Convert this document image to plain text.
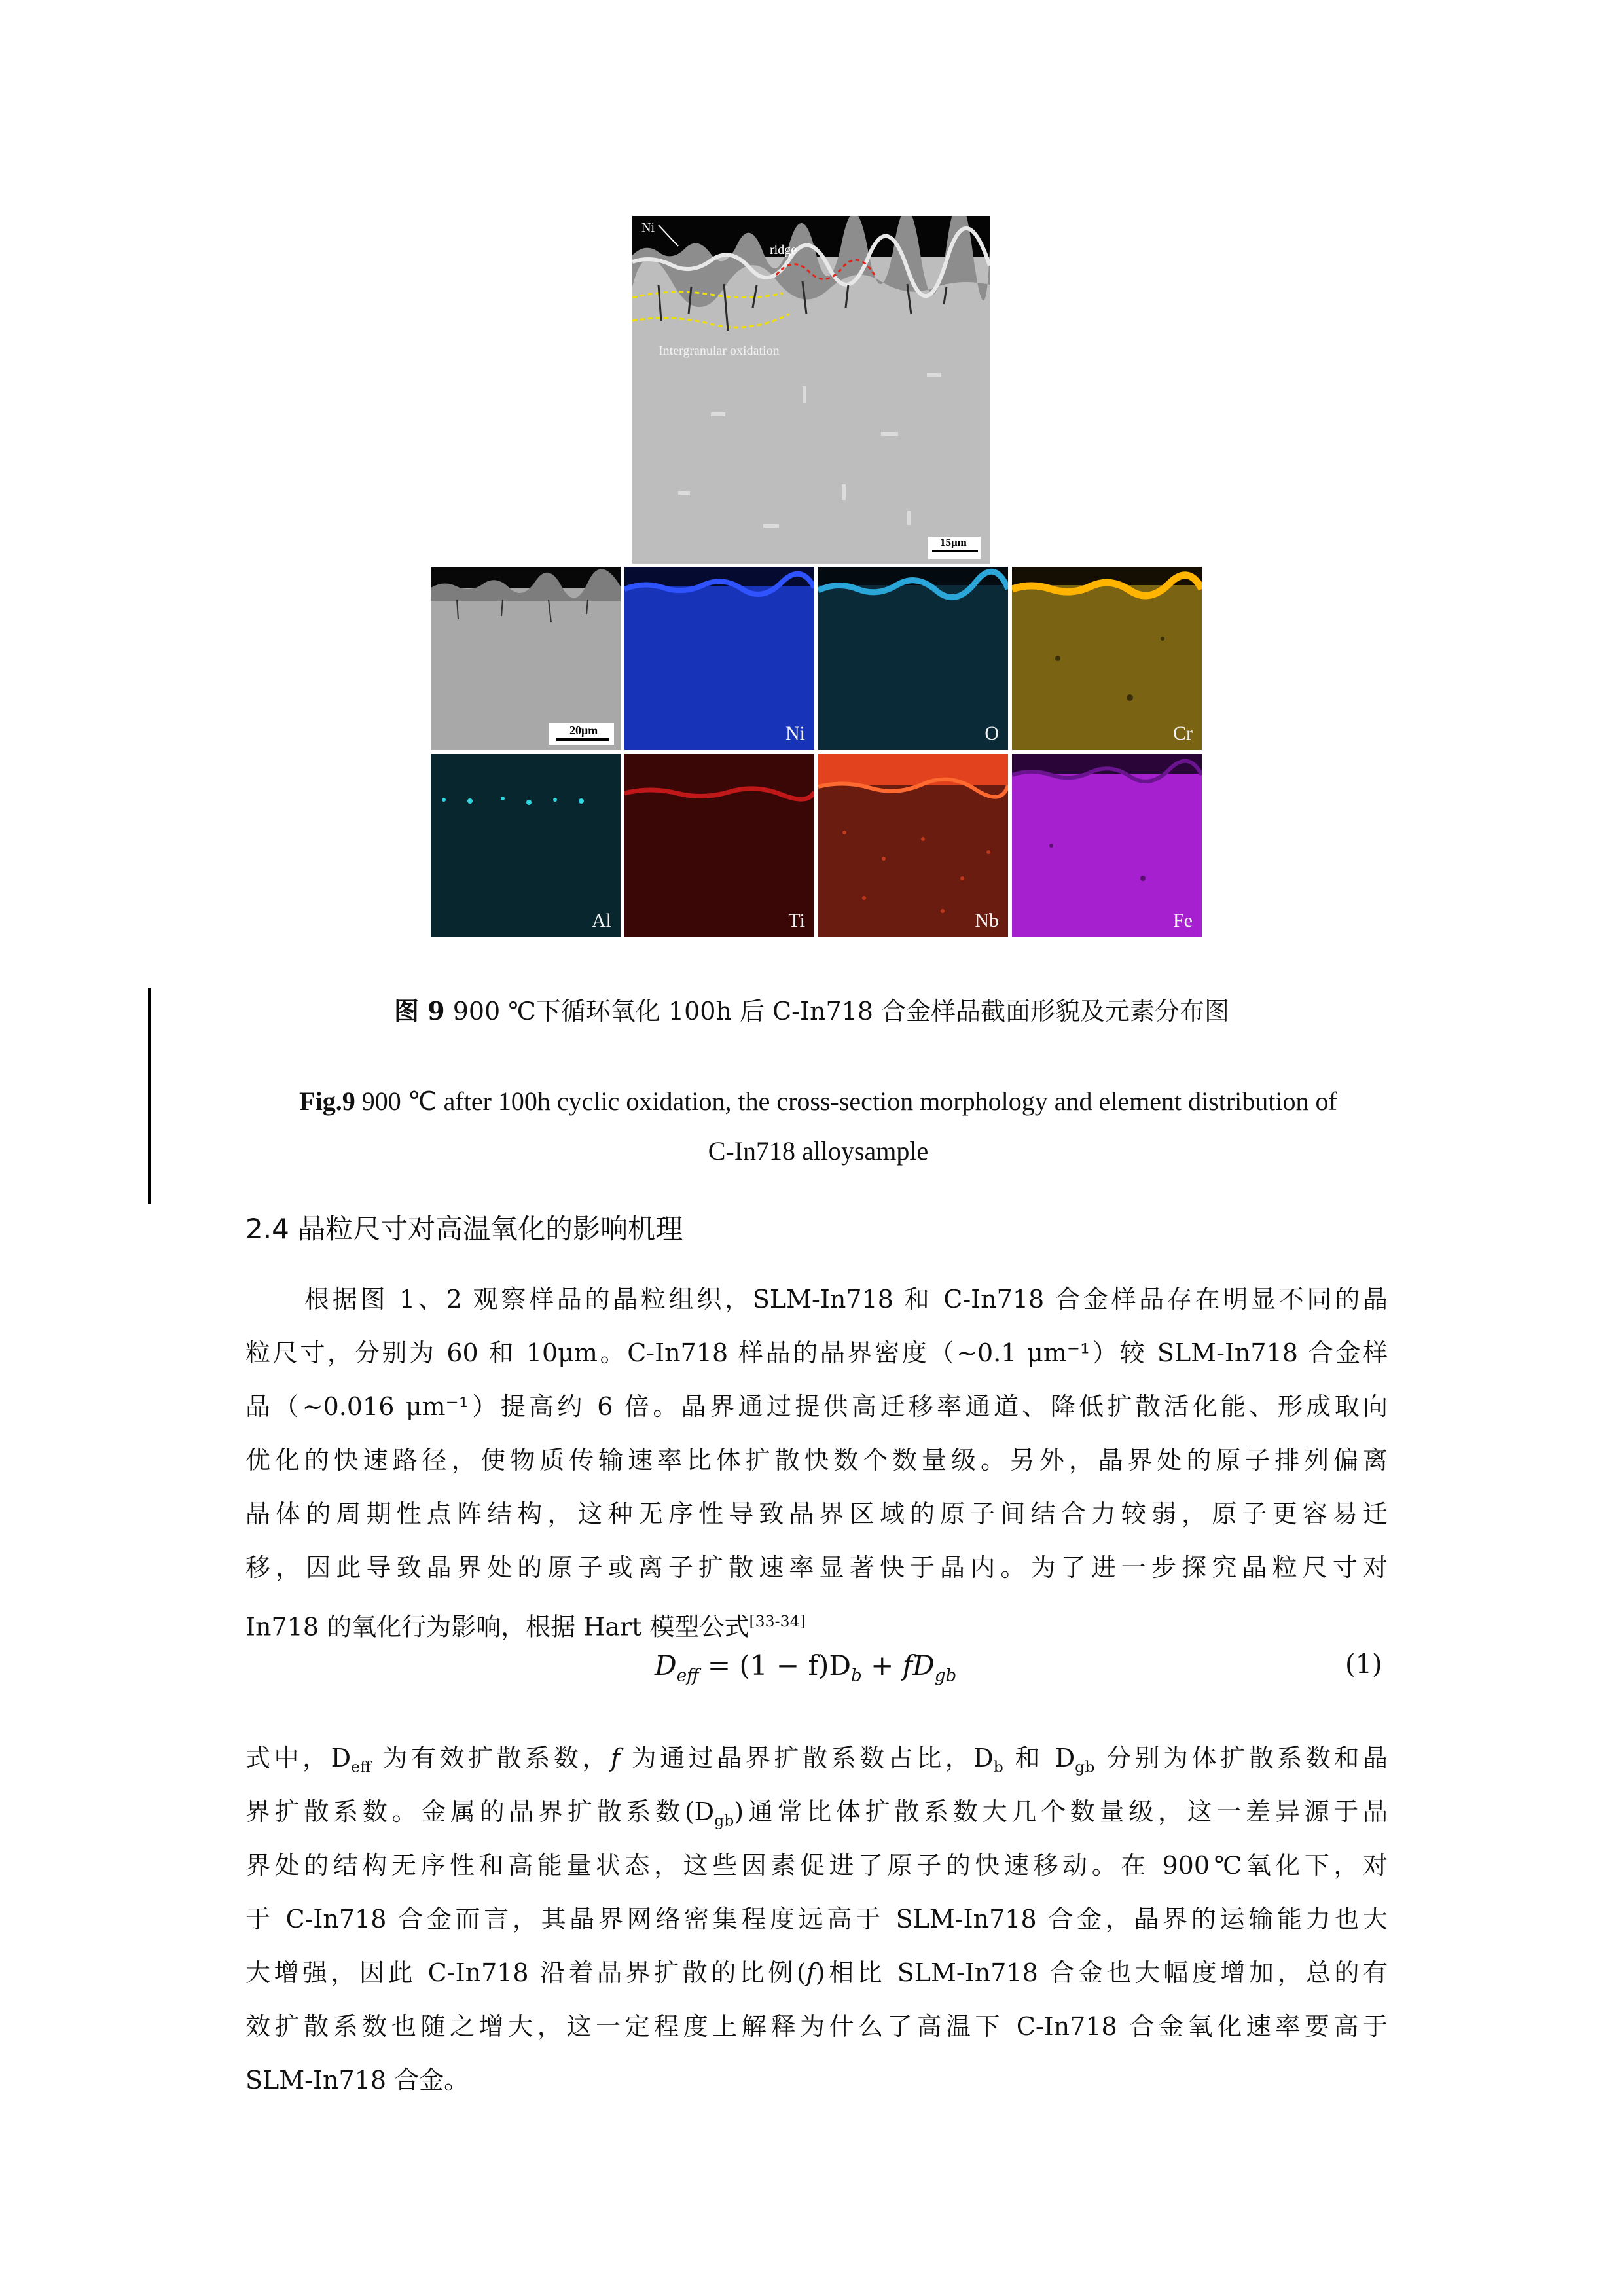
Ni
ridge
Intergranular oxidation
15μm
20μm	Ni	O	Cr
Al	Ti	Nb	Fe
图 9 900 ℃下循环氧化 100h 后 C-In718 合金样品截面形貌及元素分布图
Fig.9 900 ℃ after 100h cyclic oxidation, the cross-section morphology and element distribution of
C-In718 alloysample
2.4 晶粒尺寸对高温氧化的影响机理
根据图 1、2 观察样品的晶粒组织，SLM-In718 和 C-In718 合金样品存在明显不同的晶
粒尺寸，分别为 60 和 10μm。C-In718 样品的晶界密度（~0.1 μm⁻¹）较 SLM-In718 合金样
品（~0.016 μm⁻¹）提高约 6 倍。晶界通过提供高迁移率通道、降低扩散活化能、形成取向
优化的快速路径，使物质传输速率比体扩散快数个数量级。另外，晶界处的原子排列偏离
晶体的周期性点阵结构，这种无序性导致晶界区域的原子间结合力较弱，原子更容易迁
移，因此导致晶界处的原子或离子扩散速率显著快于晶内。为了进一步探究晶粒尺寸对
In718 的氧化行为影响，根据 Hart 模型公式[33-34]
$D_{eff} = (1 - f)D_b + fD_{gb}$	(1)
式中，$D_{eff}$ 为有效扩散系数，f 为通过晶界扩散系数占比，$D_b$ 和 $D_{gb}$ 分别为体扩散系数和晶
界扩散系数。金属的晶界扩散系数$(D_{gb})$通常比体扩散系数大几个数量级，这一差异源于晶
界处的结构无序性和高能量状态，这些因素促进了原子的快速移动。在 900℃氧化下，对
于 C-In718 合金而言，其晶界网络密集程度远高于 SLM-In718 合金，晶界的运输能力也大
大增强，因此 C-In718 沿着晶界扩散的比例(f)相比 SLM-In718 合金也大幅度增加，总的有
效扩散系数也随之增大，这一定程度上解释为什么了高温下 C-In718 合金氧化速率要高于
SLM-In718 合金。
